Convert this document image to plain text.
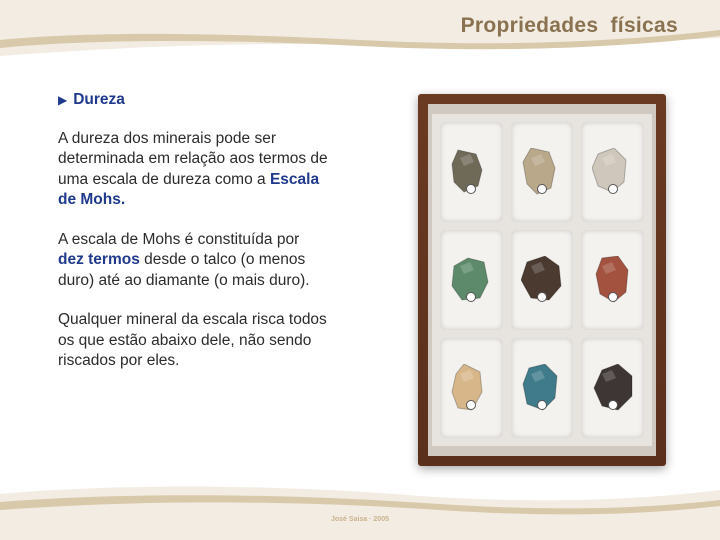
Propriedades físicas
▶ Dureza

A dureza dos minerais pode ser determinada em relação aos termos de uma escala de dureza como a Escala de Mohs.

A escala de Mohs é constituída por dez termos desde o talco (o menos duro) até ao diamante (o mais duro).

Qualquer mineral da escala risca todos os que estão abaixo dele, não sendo riscados por eles.

José Saisa · 2005
